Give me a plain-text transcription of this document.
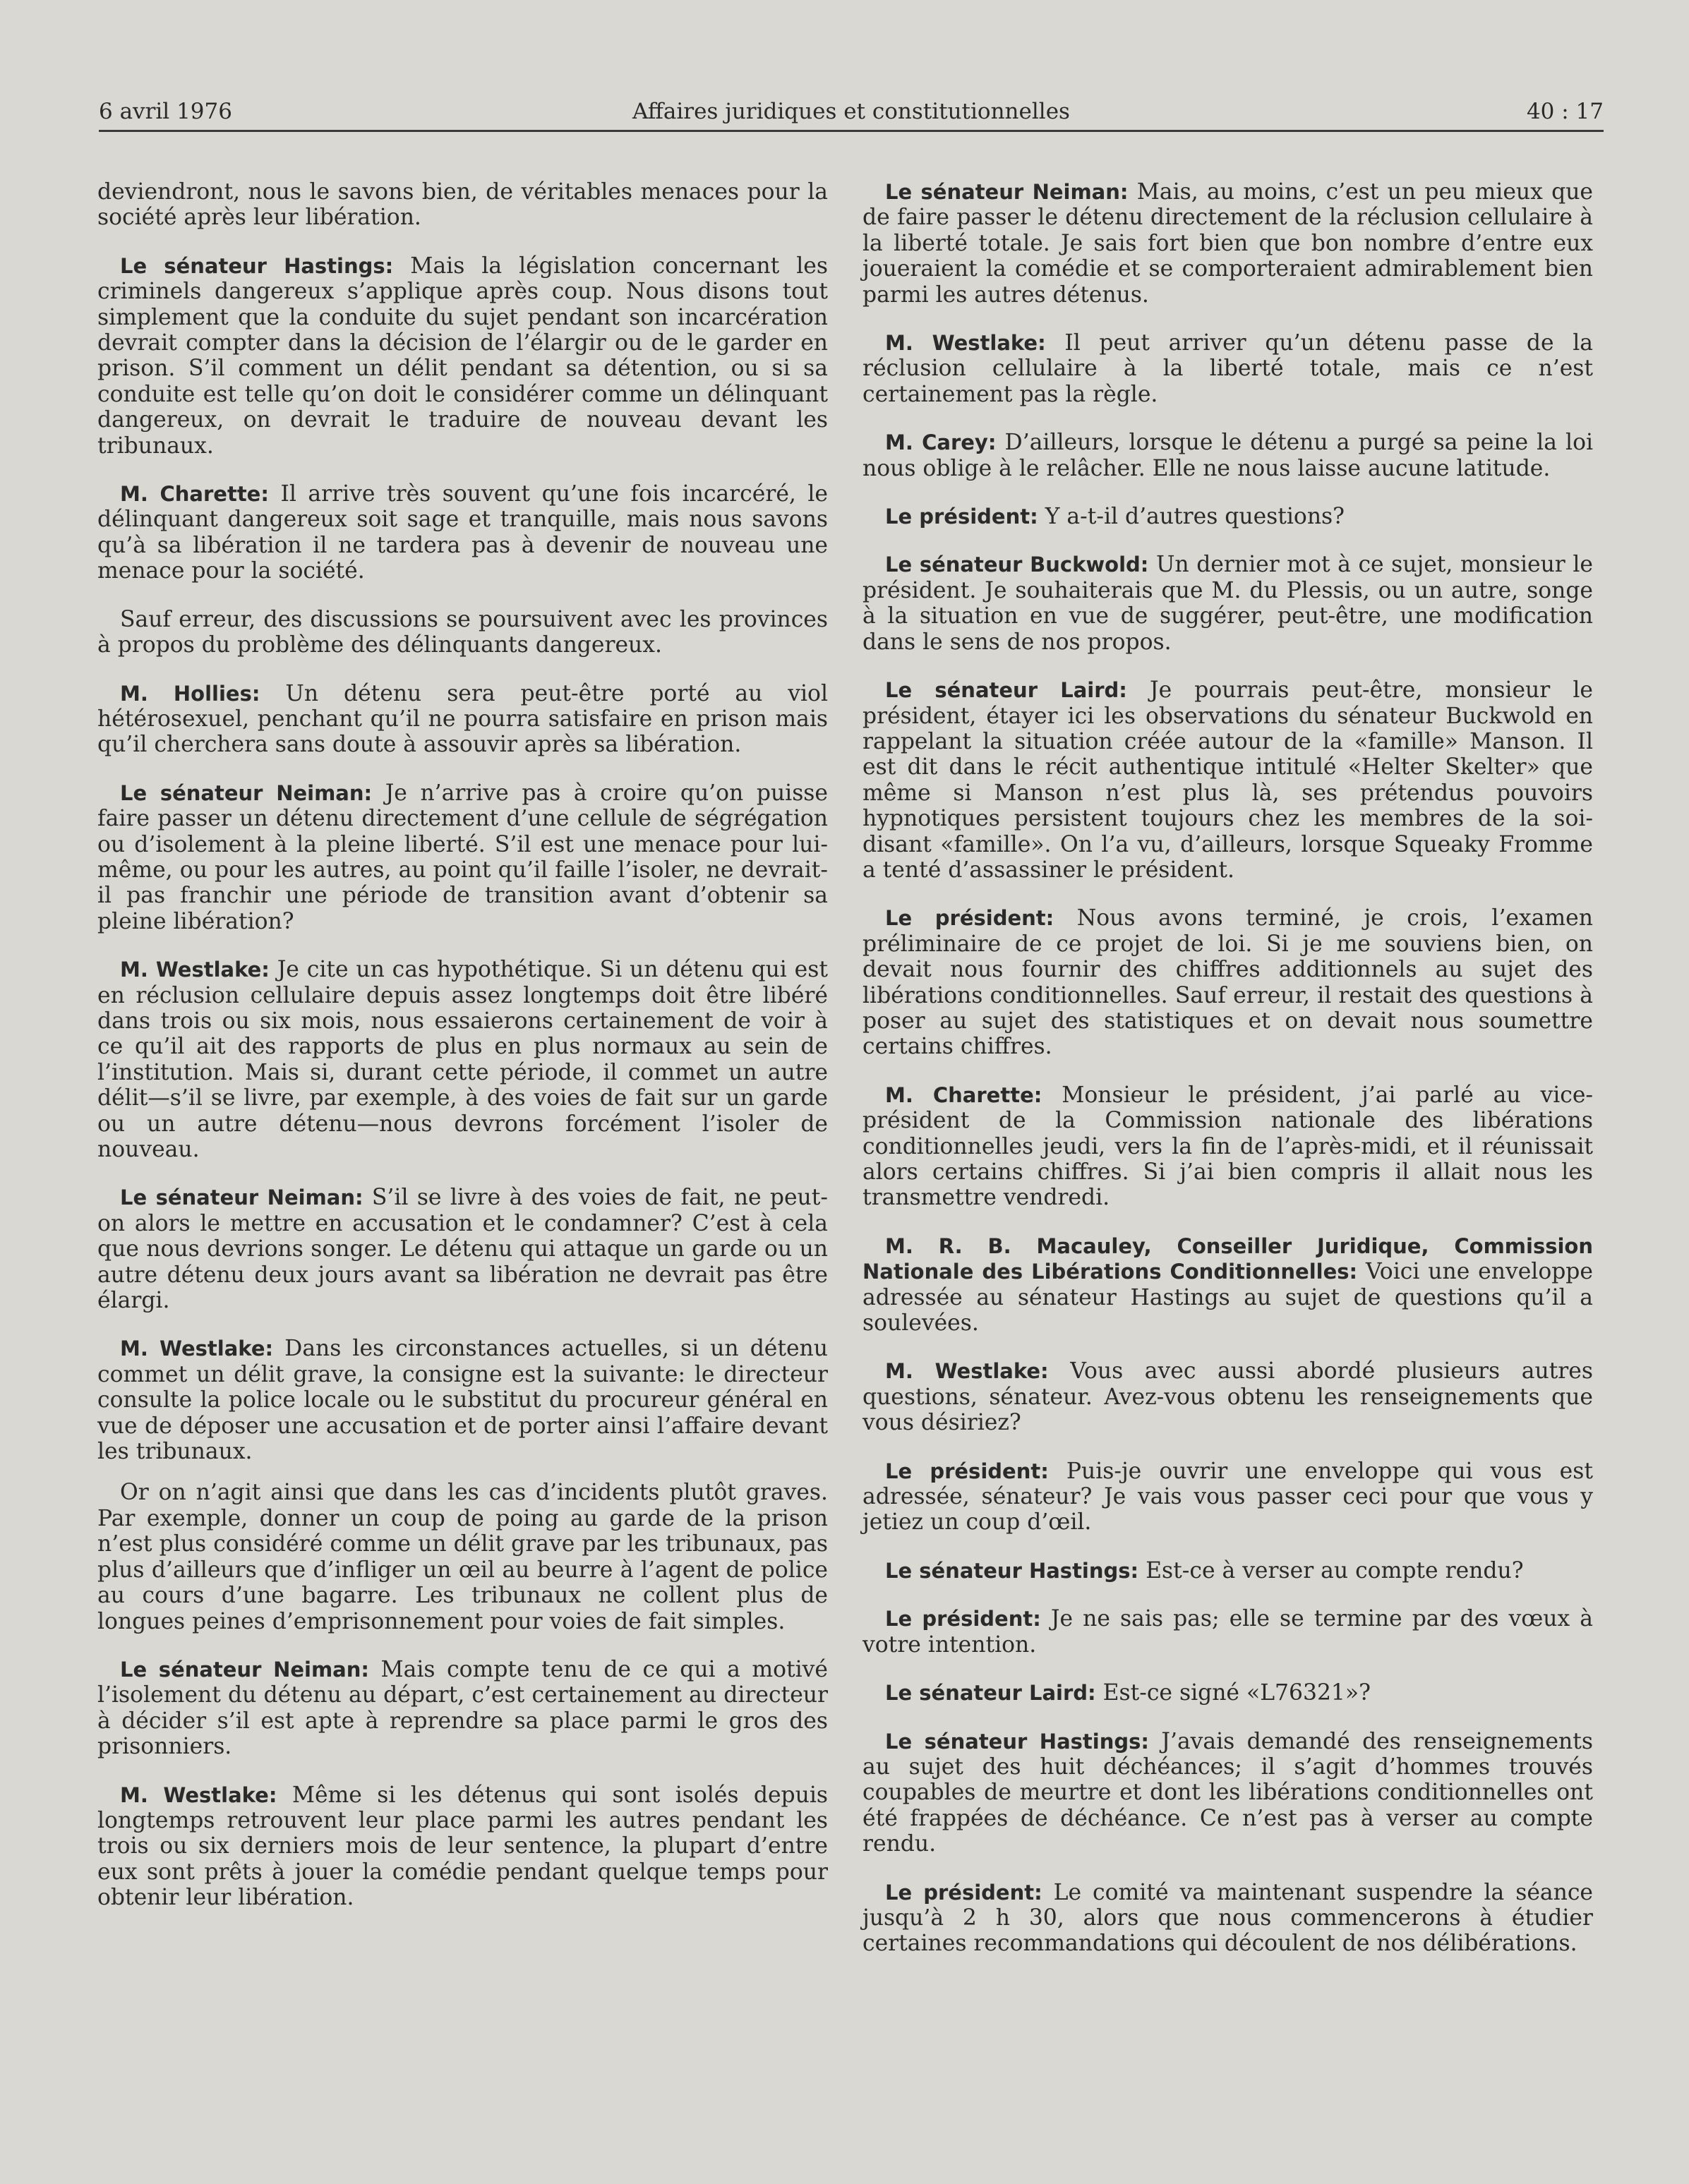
6 avril 1976	Affaires juridiques et constitutionnelles	40 : 17

deviendront, nous le savons bien, de véritables menaces pour la société après leur libération.

Le sénateur Hastings: Mais la législation concernant les criminels dangereux s’applique après coup. Nous disons tout simplement que la conduite du sujet pendant son incarcération devrait compter dans la décision de l’élargir ou de le garder en prison. S’il comment un délit pendant sa détention, ou si sa conduite est telle qu’on doit le considérer comme un délinquant dangereux, on devrait le traduire de nouveau devant les tribunaux.

M. Charette: Il arrive très souvent qu’une fois incarcéré, le délinquant dangereux soit sage et tranquille, mais nous savons qu’à sa libération il ne tardera pas à devenir de nouveau une menace pour la société.

Sauf erreur, des discussions se poursuivent avec les provinces à propos du problème des délinquants dangereux.

M. Hollies: Un détenu sera peut-être porté au viol hétérosexuel, penchant qu’il ne pourra satisfaire en prison mais qu’il cherchera sans doute à assouvir après sa libération.

Le sénateur Neiman: Je n’arrive pas à croire qu’on puisse faire passer un détenu directement d’une cellule de ségrégation ou d’isolement à la pleine liberté. S’il est une menace pour lui-même, ou pour les autres, au point qu’il faille l’isoler, ne devrait-il pas franchir une période de transition avant d’obtenir sa pleine libération?

M. Westlake: Je cite un cas hypothétique. Si un détenu qui est en réclusion cellulaire depuis assez longtemps doit être libéré dans trois ou six mois, nous essaierons certainement de voir à ce qu’il ait des rapports de plus en plus normaux au sein de l’institution. Mais si, durant cette période, il commet un autre délit—s’il se livre, par exemple, à des voies de fait sur un garde ou un autre détenu—nous devrons forcément l’isoler de nouveau.

Le sénateur Neiman: S’il se livre à des voies de fait, ne peut-on alors le mettre en accusation et le condamner? C’est à cela que nous devrions songer. Le détenu qui attaque un garde ou un autre détenu deux jours avant sa libération ne devrait pas être élargi.

M. Westlake: Dans les circonstances actuelles, si un détenu commet un délit grave, la consigne est la suivante: le directeur consulte la police locale ou le substitut du procureur général en vue de déposer une accusation et de porter ainsi l’affaire devant les tribunaux.

Or on n’agit ainsi que dans les cas d’incidents plutôt graves. Par exemple, donner un coup de poing au garde de la prison n’est plus considéré comme un délit grave par les tribunaux, pas plus d’ailleurs que d’infliger un œil au beurre à l’agent de police au cours d’une bagarre. Les tribunaux ne collent plus de longues peines d’emprisonnement pour voies de fait simples.

Le sénateur Neiman: Mais compte tenu de ce qui a motivé l’isolement du détenu au départ, c’est certainement au directeur à décider s’il est apte à reprendre sa place parmi le gros des prisonniers.

M. Westlake: Même si les détenus qui sont isolés depuis longtemps retrouvent leur place parmi les autres pendant les trois ou six derniers mois de leur sentence, la plupart d’entre eux sont prêts à jouer la comédie pendant quelque temps pour obtenir leur libération.

Le sénateur Neiman: Mais, au moins, c’est un peu mieux que de faire passer le détenu directement de la réclusion cellulaire à la liberté totale. Je sais fort bien que bon nombre d’entre eux joueraient la comédie et se comporteraient admirablement bien parmi les autres détenus.

M. Westlake: Il peut arriver qu’un détenu passe de la réclusion cellulaire à la liberté totale, mais ce n’est certainement pas la règle.

M. Carey: D’ailleurs, lorsque le détenu a purgé sa peine la loi nous oblige à le relâcher. Elle ne nous laisse aucune latitude.

Le président: Y a-t-il d’autres questions?

Le sénateur Buckwold: Un dernier mot à ce sujet, monsieur le président. Je souhaiterais que M. du Plessis, ou un autre, songe à la situation en vue de suggérer, peut-être, une modification dans le sens de nos propos.

Le sénateur Laird: Je pourrais peut-être, monsieur le président, étayer ici les observations du sénateur Buckwold en rappelant la situation créée autour de la «famille» Manson. Il est dit dans le récit authentique intitulé «Helter Skelter» que même si Manson n’est plus là, ses prétendus pouvoirs hypnotiques persistent toujours chez les membres de la soi-disant «famille». On l’a vu, d’ailleurs, lorsque Squeaky Fromme a tenté d’assassiner le président.

Le président: Nous avons terminé, je crois, l’examen préliminaire de ce projet de loi. Si je me souviens bien, on devait nous fournir des chiffres additionnels au sujet des libérations conditionnelles. Sauf erreur, il restait des questions à poser au sujet des statistiques et on devait nous soumettre certains chiffres.

M. Charette: Monsieur le président, j’ai parlé au vice-président de la Commission nationale des libérations conditionnelles jeudi, vers la fin de l’après-midi, et il réunissait alors certains chiffres. Si j’ai bien compris il allait nous les transmettre vendredi.

M. R. B. Macauley, Conseiller Juridique, Commission Nationale des Libérations Conditionnelles: Voici une enveloppe adressée au sénateur Hastings au sujet de questions qu’il a soulevées.

M. Westlake: Vous avec aussi abordé plusieurs autres questions, sénateur. Avez-vous obtenu les renseignements que vous désiriez?

Le président: Puis-je ouvrir une enveloppe qui vous est adressée, sénateur? Je vais vous passer ceci pour que vous y jetiez un coup d’œil.

Le sénateur Hastings: Est-ce à verser au compte rendu?

Le président: Je ne sais pas; elle se termine par des vœux à votre intention.

Le sénateur Laird: Est-ce signé «L76321»?

Le sénateur Hastings: J’avais demandé des renseignements au sujet des huit déchéances; il s’agit d’hommes trouvés coupables de meurtre et dont les libérations conditionnelles ont été frappées de déchéance. Ce n’est pas à verser au compte rendu.

Le président: Le comité va maintenant suspendre la séance jusqu’à 2 h 30, alors que nous commencerons à étudier certaines recommandations qui découlent de nos délibérations.
